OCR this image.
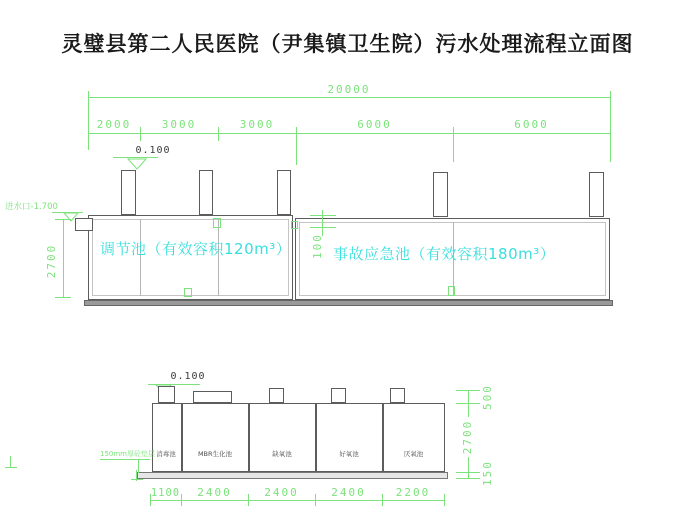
灵璧县第二人民医院（尹集镇卫生院）污水处理流程立面图
20000
2000	3000	3000	6000	6000
0.100
进水口-1.700
2700	100
调节池（有效容积120m³）	事故应急池（有效容积180m³）
0.100
消毒池	MBR生化池	缺氧池	好氧池	厌氧池
150mm厚砼垫层
1100	2400	2400	2400	2200
500
2700
150
